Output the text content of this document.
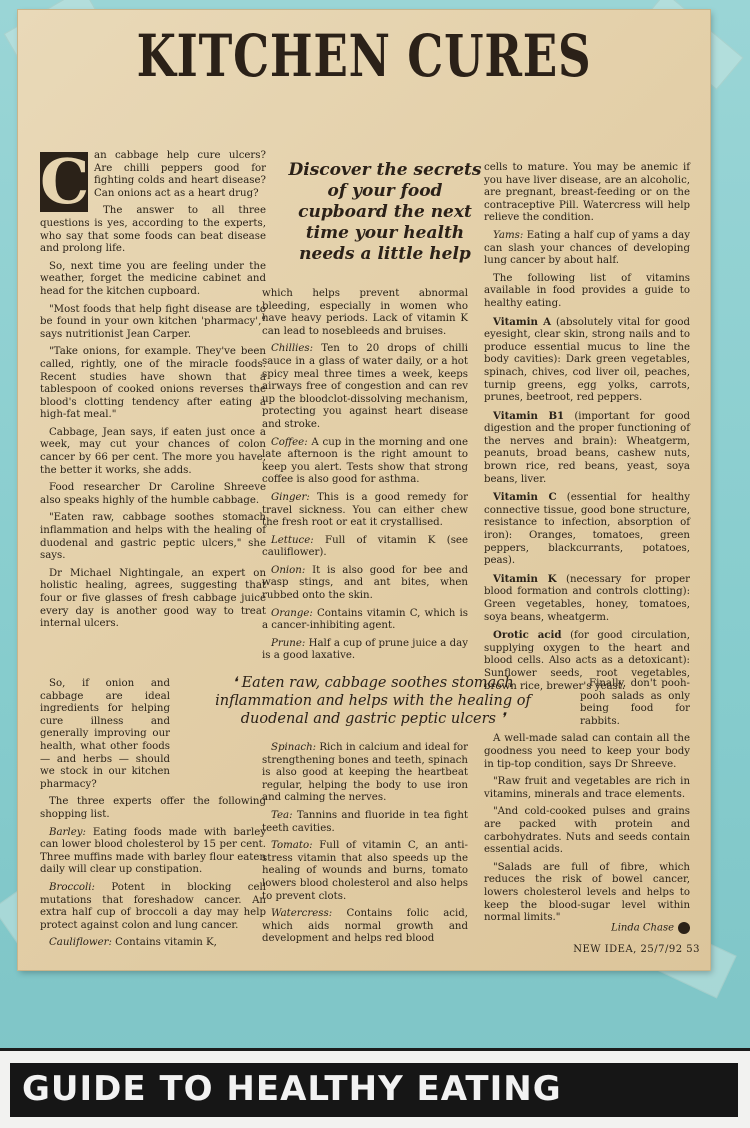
KITCHEN CURES
Discover the secrets of your food cupboard the next time your health needs a little help

C an cabbage help cure ulcers? Are chilli peppers good for fighting colds and heart disease? Can onions act as a heart drug?

The answer to all three questions is yes, according to the experts, who say that some foods can beat disease and prolong life.

So, next time you are feeling under the weather, forget the medicine cabinet and head for the kitchen cupboard.

"Most foods that help fight disease are to be found in your own kitchen 'pharmacy'," says nutritionist Jean Carper.

"Take onions, for example. They've been called, rightly, one of the miracle foods. Recent studies have shown that a tablespoon of cooked onions reverses the blood's clotting tendency after eating a high-fat meal."

Cabbage, Jean says, if eaten just once a week, may cut your chances of colon cancer by 66 per cent. The more you have, the better it works, she adds.

Food researcher Dr Caroline Shreeve also speaks highly of the humble cabbage.

"Eaten raw, cabbage soothes stomach inflammation and helps with the healing of duodenal and gastric peptic ulcers," she says.

Dr Michael Nightingale, an expert on holistic healing, agrees, suggesting that four or five glasses of fresh cabbage juice every day is another good way to treat internal ulcers.

So, if onion and cabbage are ideal ingredients for helping cure illness and generally improving our health, what other foods — and herbs — should we stock in our kitchen pharmacy?

The three experts offer the following shopping list.

Barley: Eating foods made with barley can lower blood cholesterol by 15 per cent. Three muffins made with barley flour eaten daily will clear up constipation.

Broccoli: Potent in blocking cell mutations that foreshadow cancer. An extra half cup of broccoli a day may help protect against colon and lung cancer.

Cauliflower: Contains vitamin K,

which helps prevent abnormal bleeding, especially in women who have heavy periods. Lack of vitamin K can lead to nosebleeds and bruises.

Chillies: Ten to 20 drops of chilli sauce in a glass of water daily, or a hot spicy meal three times a week, keeps airways free of congestion and can rev up the bloodclot-dissolving mechanism, protecting you against heart disease and stroke.

Coffee: A cup in the morning and one late afternoon is the right amount to keep you alert. Tests show that strong coffee is also good for asthma.

Ginger: This is a good remedy for travel sickness. You can either chew the fresh root or eat it crystallised.

Lettuce: Full of vitamin K (see cauliflower).

Onion: It is also good for bee and wasp stings, and ant bites, when rubbed onto the skin.

Orange: Contains vitamin C, which is a cancer-inhibiting agent.

Prune: Half a cup of prune juice a day is a good laxative.

Spinach: Rich in calcium and ideal for strengthening bones and teeth, spinach is also good at keeping the heartbeat regular, helping the body to use iron and calming the nerves.

Tea: Tannins and fluoride in tea fight teeth cavities.

Tomato: Full of vitamin C, an anti-stress vitamin that also speeds up the healing of wounds and burns, tomato lowers blood cholesterol and also helps to prevent clots.

Watercress: Contains folic acid, which aids normal growth and development and helps red blood

cells to mature. You may be anemic if you have liver disease, are an alcoholic, are pregnant, breast-feeding or on the contraceptive Pill. Watercress will help relieve the condition.

Yams: Eating a half cup of yams a day can slash your chances of developing lung cancer by about half.

The following list of vitamins available in food provides a guide to healthy eating.

Vitamin A (absolutely vital for good eyesight, clear skin, strong nails and to produce essential mucus to line the body cavities): Dark green vegetables, spinach, chives, cod liver oil, peaches, turnip greens, egg yolks, carrots, prunes, beetroot, red peppers.

Vitamin B1 (important for good digestion and the proper functioning of the nerves and brain): Wheatgerm, peanuts, broad beans, cashew nuts, brown rice, red beans, yeast, soya beans, liver.

Vitamin C (essential for healthy connective tissue, good bone structure, resistance to infection, absorption of iron): Oranges, tomatoes, green peppers, blackcurrants, potatoes, peas).

Vitamin K (necessary for proper blood formation and controls clotting): Green vegetables, honey, tomatoes, soya beans, wheatgerm.

Orotic acid (for good circulation, supplying oxygen to the heart and blood cells. Also acts as a detoxicant): Sunflower seeds, root vegetables, brown rice, brewer's yeast.

Finally, don't pooh-pooh salads as only being food for rabbits.

A well-made salad can contain all the goodness you need to keep your body in tip-top condition, says Dr Shreeve.

"Raw fruit and vegetables are rich in vitamins, minerals and trace elements.

"And cold-cooked pulses and grains are packed with protein and carbohydrates. Nuts and seeds contain essential acids.

"Salads are full of fibre, which reduces the risk of bowel cancer, lowers cholesterol levels and helps to keep the blood-sugar level within normal limits."

❛ Eaten raw, cabbage soothes stomach inflammation and helps with the healing of duodenal and gastric peptic ulcers ❜
Linda Chase
NEW IDEA, 25/7/92 53
GUIDE TO HEALTHY EATING
